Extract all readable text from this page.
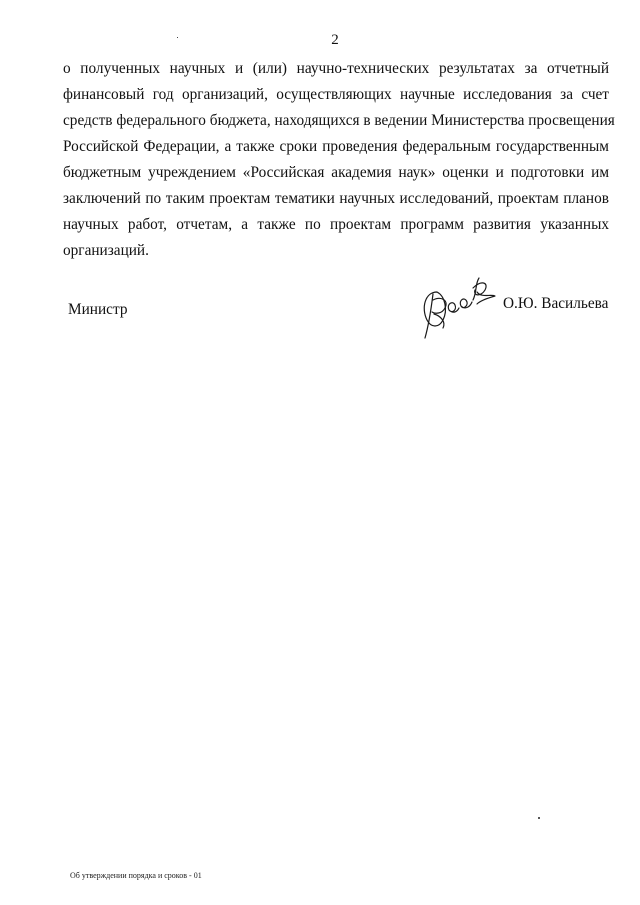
2

о полученных научных и (или) научно-технических результатах за отчетный
финансовый год организаций, осуществляющих научные исследования за счет
средств федерального бюджета, находящихся в ведении Министерства просвещения
Российской Федерации, а также сроки проведения федеральным государственным
бюджетным учреждением «Российская академия наук» оценки и подготовки им
заключений по таким проектам тематики научных исследований, проектам планов
научных работ, отчетам, а также по проектам программ развития указанных
организаций.

Министр	О.Ю. Васильева
Об утверждении порядка и сроков - 01
